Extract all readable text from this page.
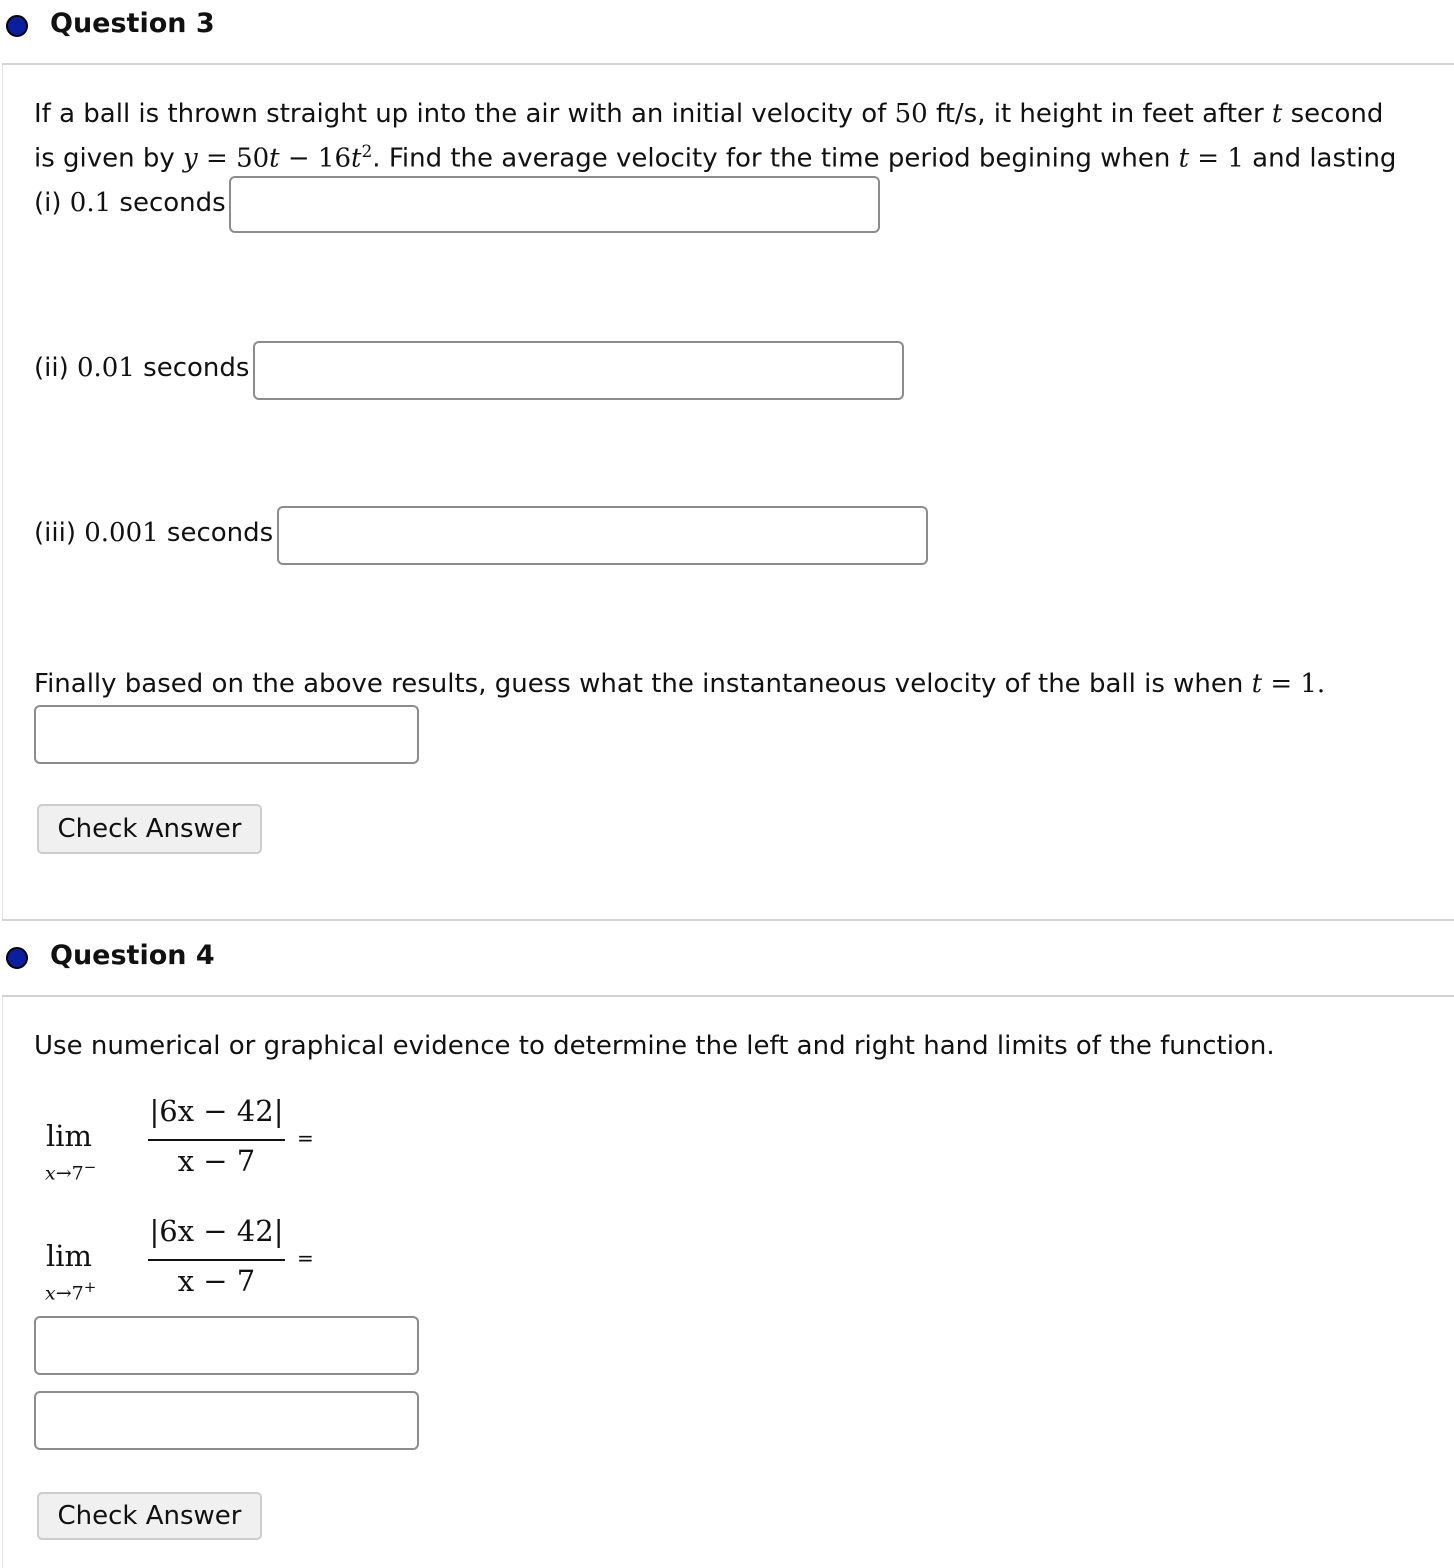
Question 3
If a ball is thrown straight up into the air with an initial velocity of 50 ft/s, it height in feet after t second
is given by $y = 50t - 16t^2$. Find the average velocity for the time period begining when t = 1 and lasting
(i) 0.1 seconds
(ii) 0.01 seconds
(iii) 0.001 seconds
Finally based on the above results, guess what the instantaneous velocity of the ball is when t = 1.
Check Answer
Question 4
Use numerical or graphical evidence to determine the left and right hand limits of the function.
lim
x→7−
|6x − 42|
x − 7
=
lim
x→7+
|6x − 42|
x − 7
=
Check Answer
